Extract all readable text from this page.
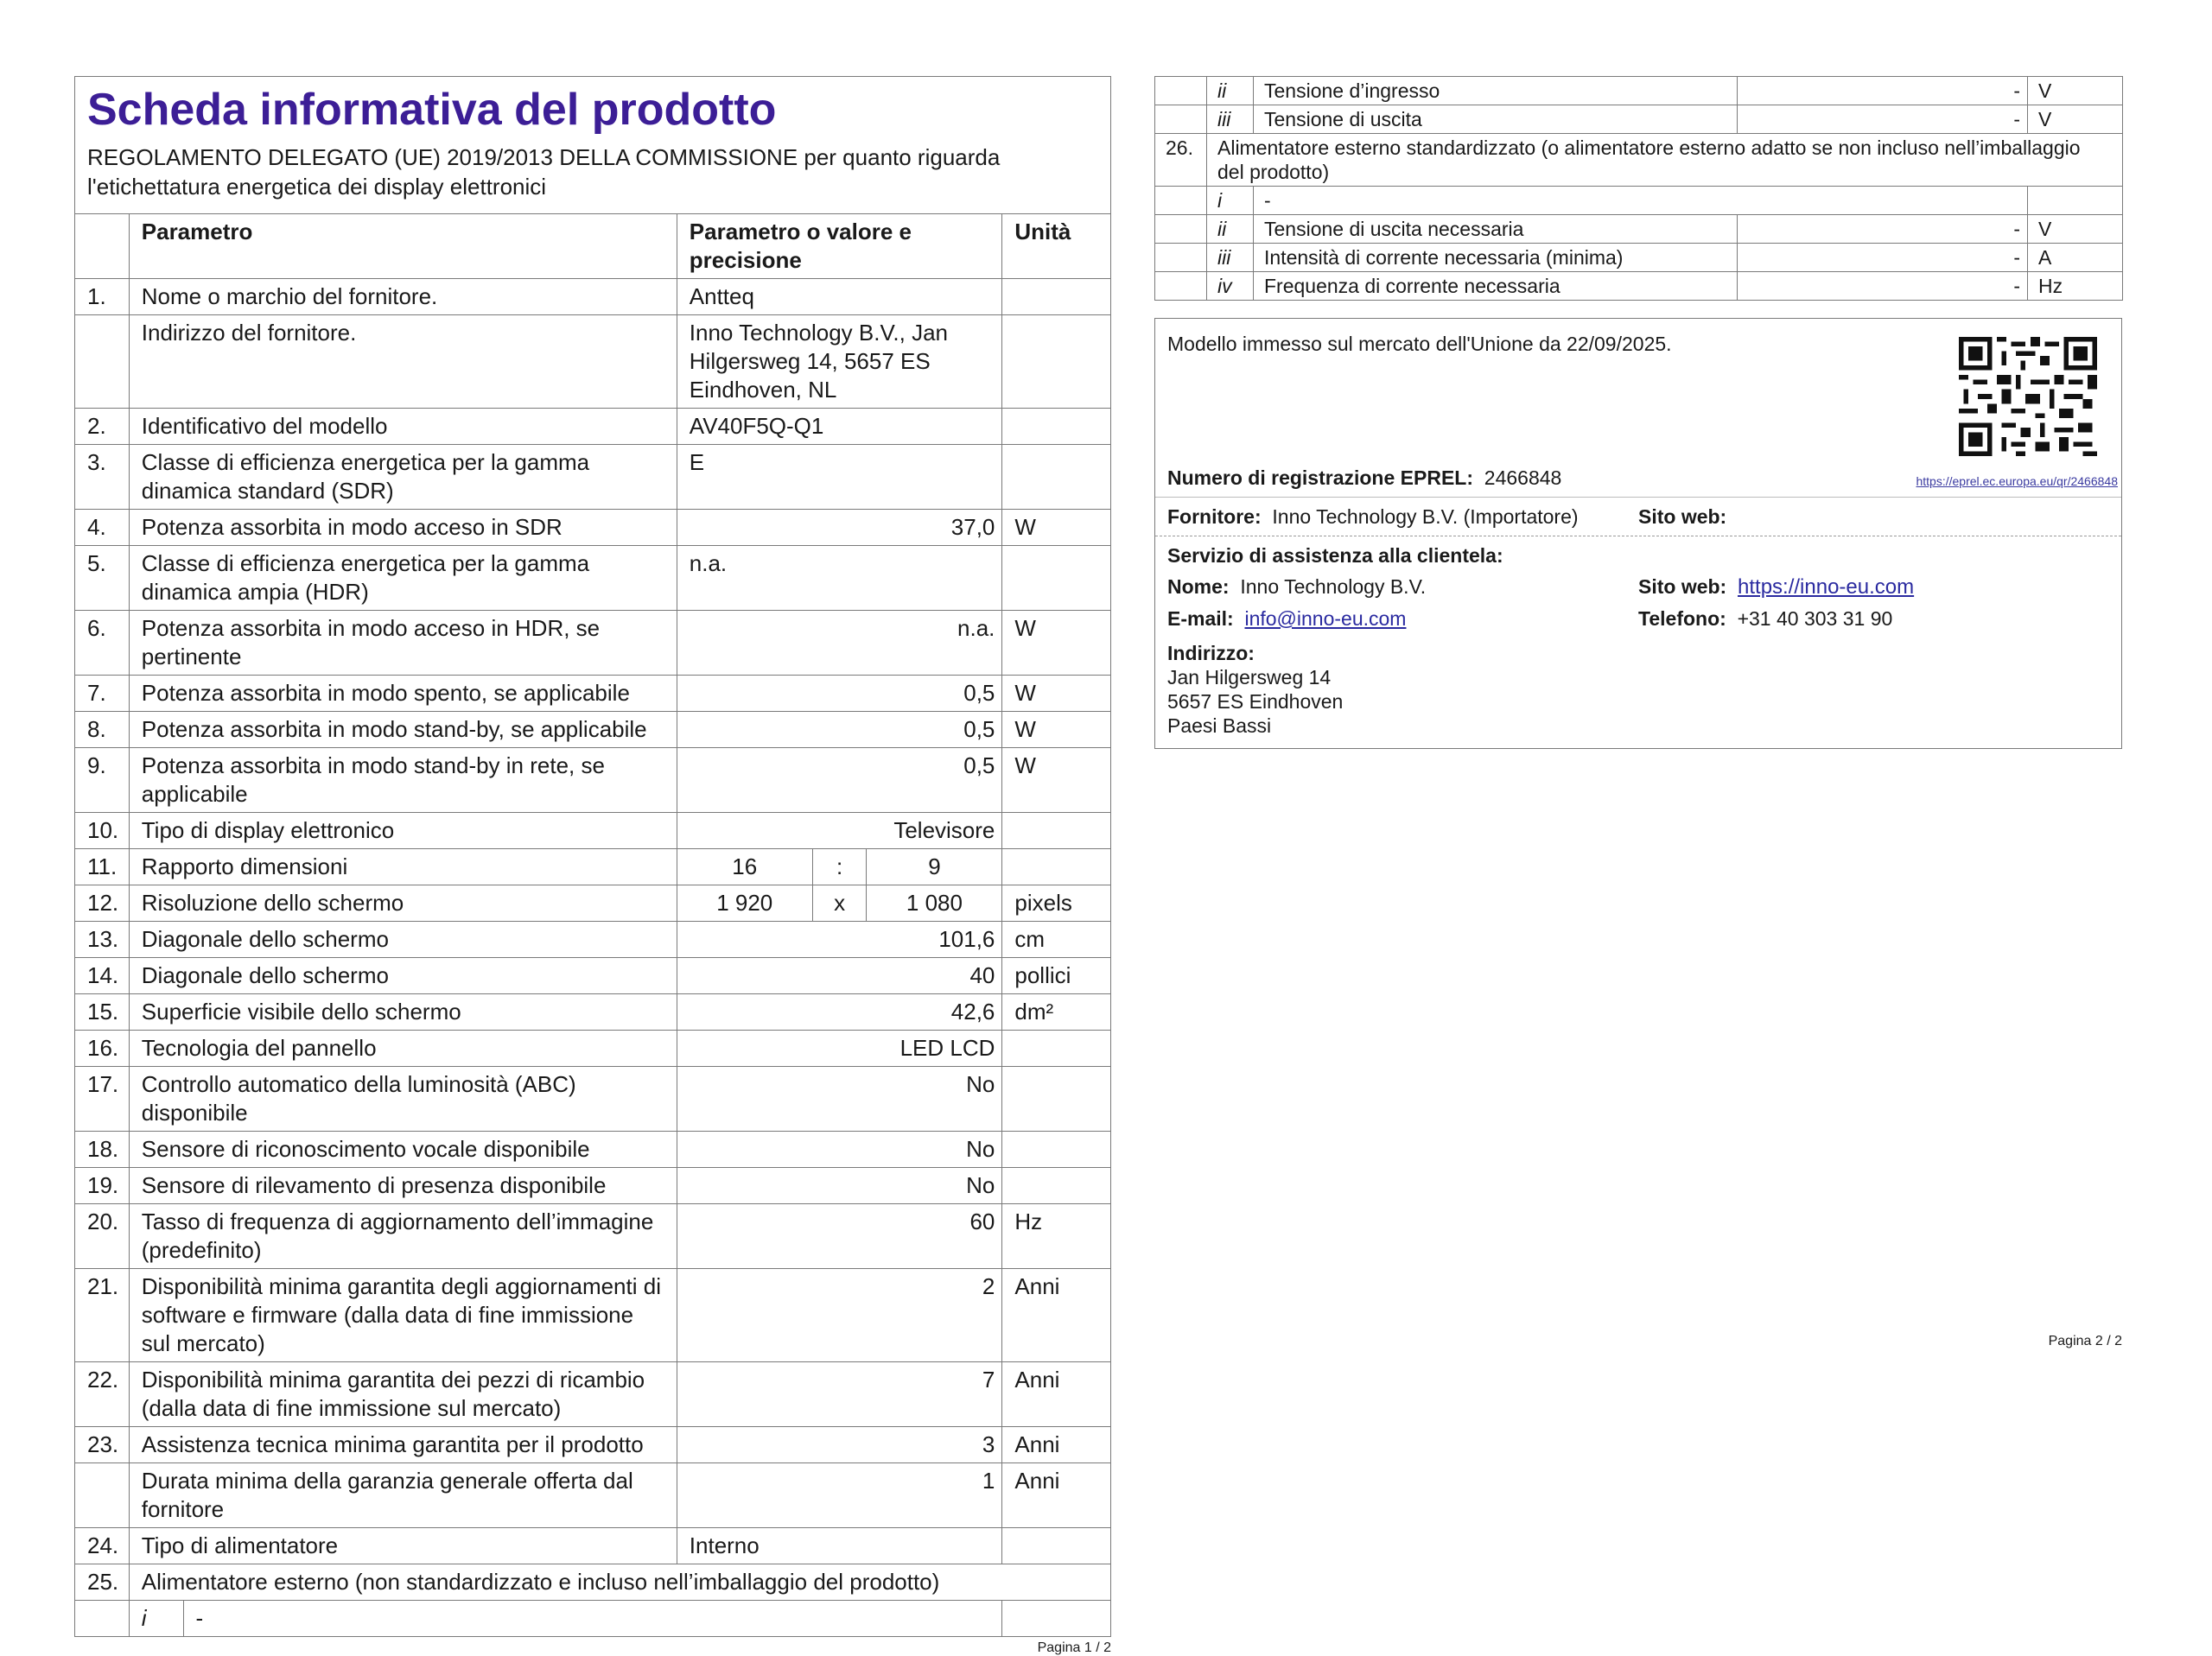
Scheda informativa del prodotto
REGOLAMENTO DELEGATO (UE) 2019/2013 DELLA COMMISSIONE per quanto riguarda l'etichettatura energetica dei display elettronici
	Parametro		Parametro o valore e precisione			Unità
1.	Nome o marchio del fornitore.		Antteq			
	Indirizzo del fornitore.		Inno Technology B.V., Jan Hilgersweg 14, 5657 ES Eindhoven, NL			
2.	Identificativo del modello		AV40F5Q-Q1			
3.	Classe di efficienza energetica per la gamma dinamica standard (SDR)		E			
4.	Potenza assorbita in modo acceso in SDR		37,0			W
5.	Classe di efficienza energetica per la gamma dinamica ampia (HDR)		n.a.			
6.	Potenza assorbita in modo acceso in HDR, se pertinente		n.a.			W
7.	Potenza assorbita in modo spento, se applicabile		0,5			W
8.	Potenza assorbita in modo stand-by, se applicabile		0,5			W
9.	Potenza assorbita in modo stand-by in rete, se applicabile		0,5			W
10.	Tipo di display elettronico		Televisore			
11.	Rapporto dimensioni		16	:	9	
12.	Risoluzione dello schermo		1 920	x	1 080	pixels
13.	Diagonale dello schermo		101,6			cm
14.	Diagonale dello schermo		40			pollici
15.	Superficie visibile dello schermo		42,6			dm²
16.	Tecnologia del pannello		LED LCD			
17.	Controllo automatico della luminosità (ABC) disponibile		No			
18.	Sensore di riconoscimento vocale disponibile		No			
19.	Sensore di rilevamento di presenza disponibile		No			
20.	Tasso di frequenza di aggiornamento dell’immagine (predefinito)		60			Hz
21.	Disponibilità minima garantita degli aggiornamenti di software e firmware (dalla data di fine immissione sul mercato)		2			Anni
22.	Disponibilità minima garantita dei pezzi di ricambio (dalla data di fine immissione sul mercato)		7			Anni
23.	Assistenza tecnica minima garantita per il prodotto		3			Anni
	Durata minima della garanzia generale offerta dal fornitore		1			Anni
24.	Tipo di alimentatore		Interno			
25.	Alimentatore esterno (non standardizzato e incluso nell’imballaggio del prodotto)					
	i	-				
Pagina 1 / 2
	ii	Tensione d’ingresso	-	V
	iii	Tensione di uscita	-	V
26.	Alimentatore esterno standardizzato (o alimentatore esterno adatto se non incluso nell’imballaggio del prodotto)			
	i	-		
	ii	Tensione di uscita necessaria	-	V
	iii	Intensità di corrente necessaria (minima)	-	A
	iv	Frequenza di corrente necessaria	-	Hz
Modello immesso sul mercato dell'Unione da 22/09/2025.
Numero di registrazione EPREL: 2466848	https://eprel.ec.europa.eu/qr/2466848
Fornitore: Inno Technology B.V. (Importatore)	Sito web:
Servizio di assistenza alla clientela:
Nome: Inno Technology B.V.	Sito web: https://inno-eu.com
E-mail: info@inno-eu.com	Telefono: +31 40 303 31 90
Indirizzo:
Jan Hilgersweg 14
5657 ES Eindhoven
Paesi Bassi
Pagina 2 / 2
